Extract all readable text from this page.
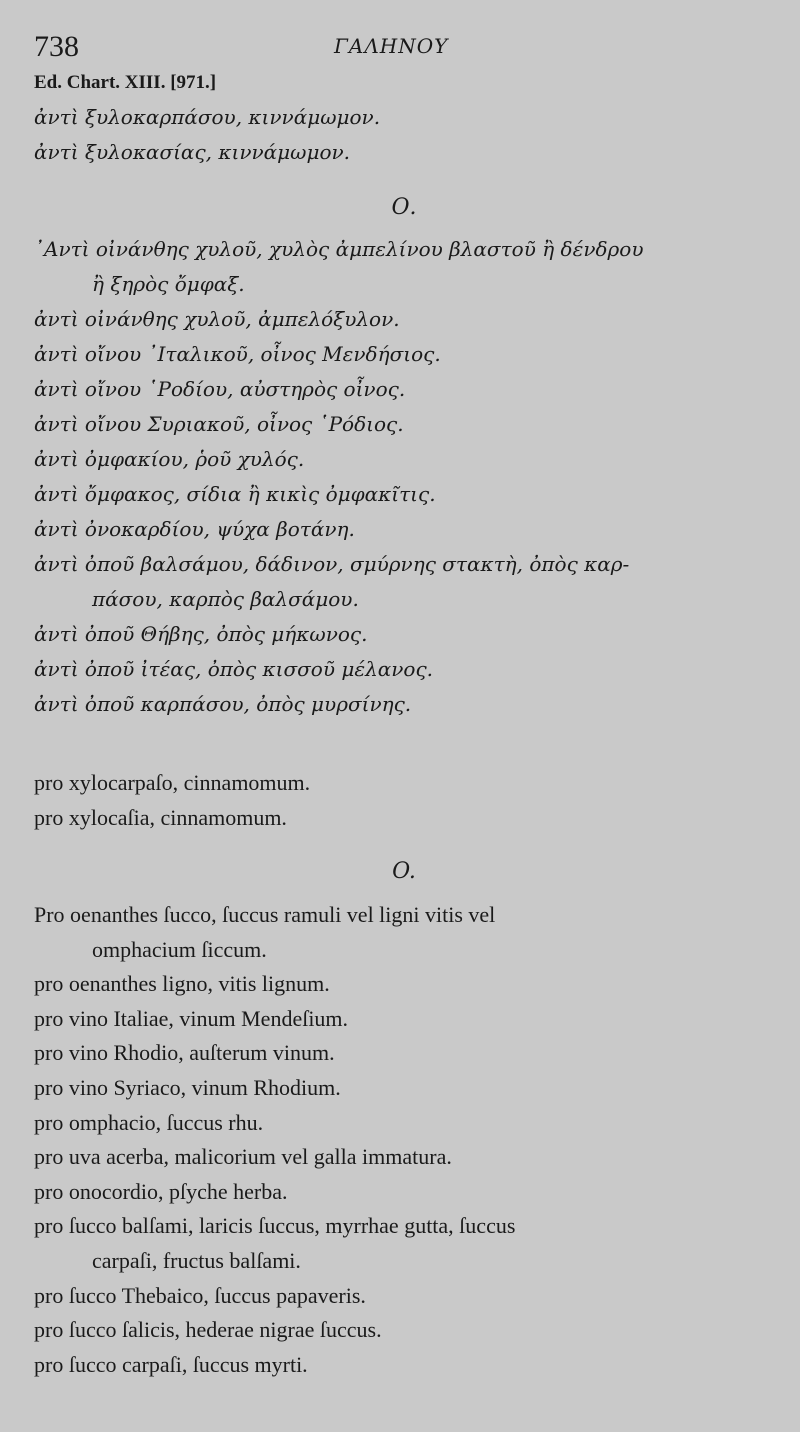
738	ΓΑΛΗΝΟΥ
Ed. Chart. XIII. [971.]
ἀντὶ ξυλοκαρπάσου, κιννάμωμον.
ἀντὶ ξυλοκασίας, κιννάμωμον.
Ο.
᾿Αντὶ οἰνάνθης χυλοῦ, χυλὸς ἀμπελίνου βλαστοῦ ἢ δένδρου
ἢ ξηρὸς ὄμφαξ.
ἀντὶ οἰνάνθης χυλοῦ, ἀμπελόξυλον.
ἀντὶ οἴνου ᾿Ιταλικοῦ, οἶνος Μενδήσιος.
ἀντὶ οἴνου ῾Ροδίου, αὐστηρὸς οἶνος.
ἀντὶ οἴνου Συριακοῦ, οἶνος ῾Ρόδιος.
ἀντὶ ὀμφακίου, ῥοῦ χυλός.
ἀντὶ ὄμφακος, σίδια ἢ κικὶς ὀμφακῖτις.
ἀντὶ ὀνοκαρδίου, ψύχα βοτάνη.
ἀντὶ ὀποῦ βαλσάμου, δάδινον, σμύρνης στακτὴ, ὀπὸς καρ-
πάσου, καρπὸς βαλσάμου.
ἀντὶ ὀποῦ Θήβης, ὀπὸς μήκωνος.
ἀντὶ ὀποῦ ἰτέας, ὀπὸς κισσοῦ μέλανος.
ἀντὶ ὀποῦ καρπάσου, ὀπὸς μυρσίνης.
pro xylocarpaſo, cinnamomum.
pro xylocaſia, cinnamomum.
O.
Pro oenanthes ſucco, ſuccus ramuli vel ligni vitis vel
omphacium ſiccum.
pro oenanthes ligno, vitis lignum.
pro vino Italiae, vinum Mendeſium.
pro vino Rhodio, auſterum vinum.
pro vino Syriaco, vinum Rhodium.
pro omphacio, ſuccus rhu.
pro uva acerba, malicorium vel galla immatura.
pro onocordio, pſyche herba.
pro ſucco balſami, laricis ſuccus, myrrhae gutta, ſuccus
carpaſi, fructus balſami.
pro ſucco Thebaico, ſuccus papaveris.
pro ſucco ſalicis, hederae nigrae ſuccus.
pro ſucco carpaſi, ſuccus myrti.
